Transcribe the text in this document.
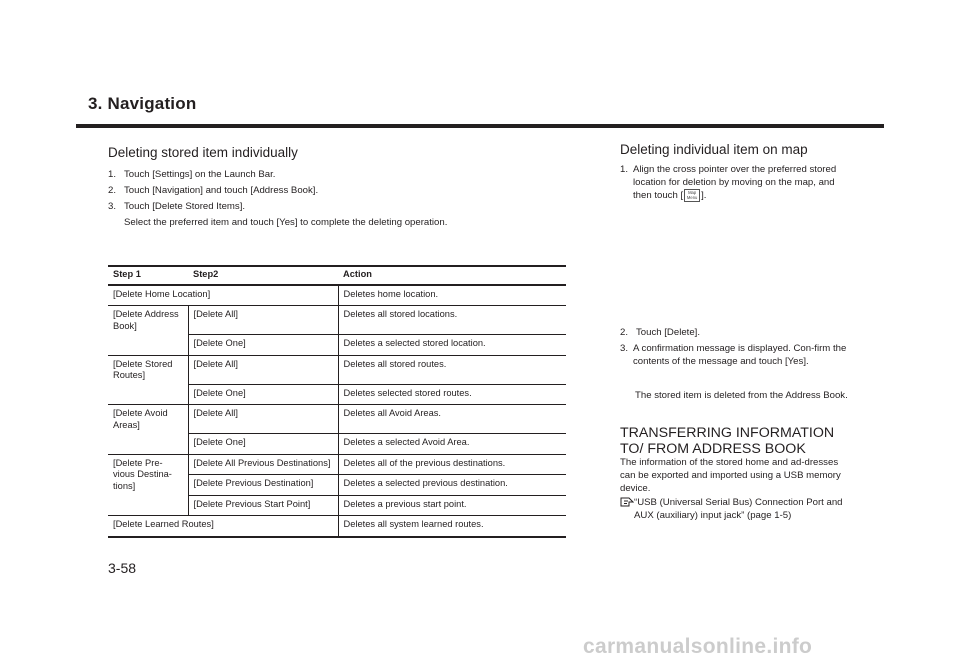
3. Navigation
Deleting stored item individually
1. Touch [Settings] on the Launch Bar.
2. Touch [Navigation] and touch [Address Book].
3. Touch [Delete Stored Items].
Select the preferred item and touch [Yes] to complete the deleting operation.
Step 1	Step2	Action
[Delete Home Location]		Deletes home location.
[Delete Address Book]	[Delete All]	Deletes all stored locations.
	[Delete One]	Deletes a selected stored location.
[Delete Stored Routes]	[Delete All]	Deletes all stored routes.
	[Delete One]	Deletes selected stored routes.
[Delete Avoid Areas]	[Delete All]	Deletes all Avoid Areas.
	[Delete One]	Deletes a selected Avoid Area.
[Delete Pre-vious Destina-tions]	[Delete All Previous Destinations]	Deletes all of the previous destinations.
	[Delete Previous Destination]	Deletes a selected previous destination.
	[Delete Previous Start Point]	Deletes a previous start point.
[Delete Learned Routes]		Deletes all system learned routes.
Deleting individual item on map
1. Align the cross pointer over the preferred stored location for deletion by moving on the map, and then touch [	Map
Menu ].
2. Touch [Delete].
3. A confirmation message is displayed. Con-firm the contents of the message and touch [Yes].
The stored item is deleted from the Address Book.
TRANSFERRING INFORMATION TO/ FROM ADDRESS BOOK
The information of the stored home and ad-dresses can be exported and imported using a USB memory device.
“USB (Universal Serial Bus) Connection Port and AUX (auxiliary) input jack” (page 1-5)
3-58
carmanualsonline.info
